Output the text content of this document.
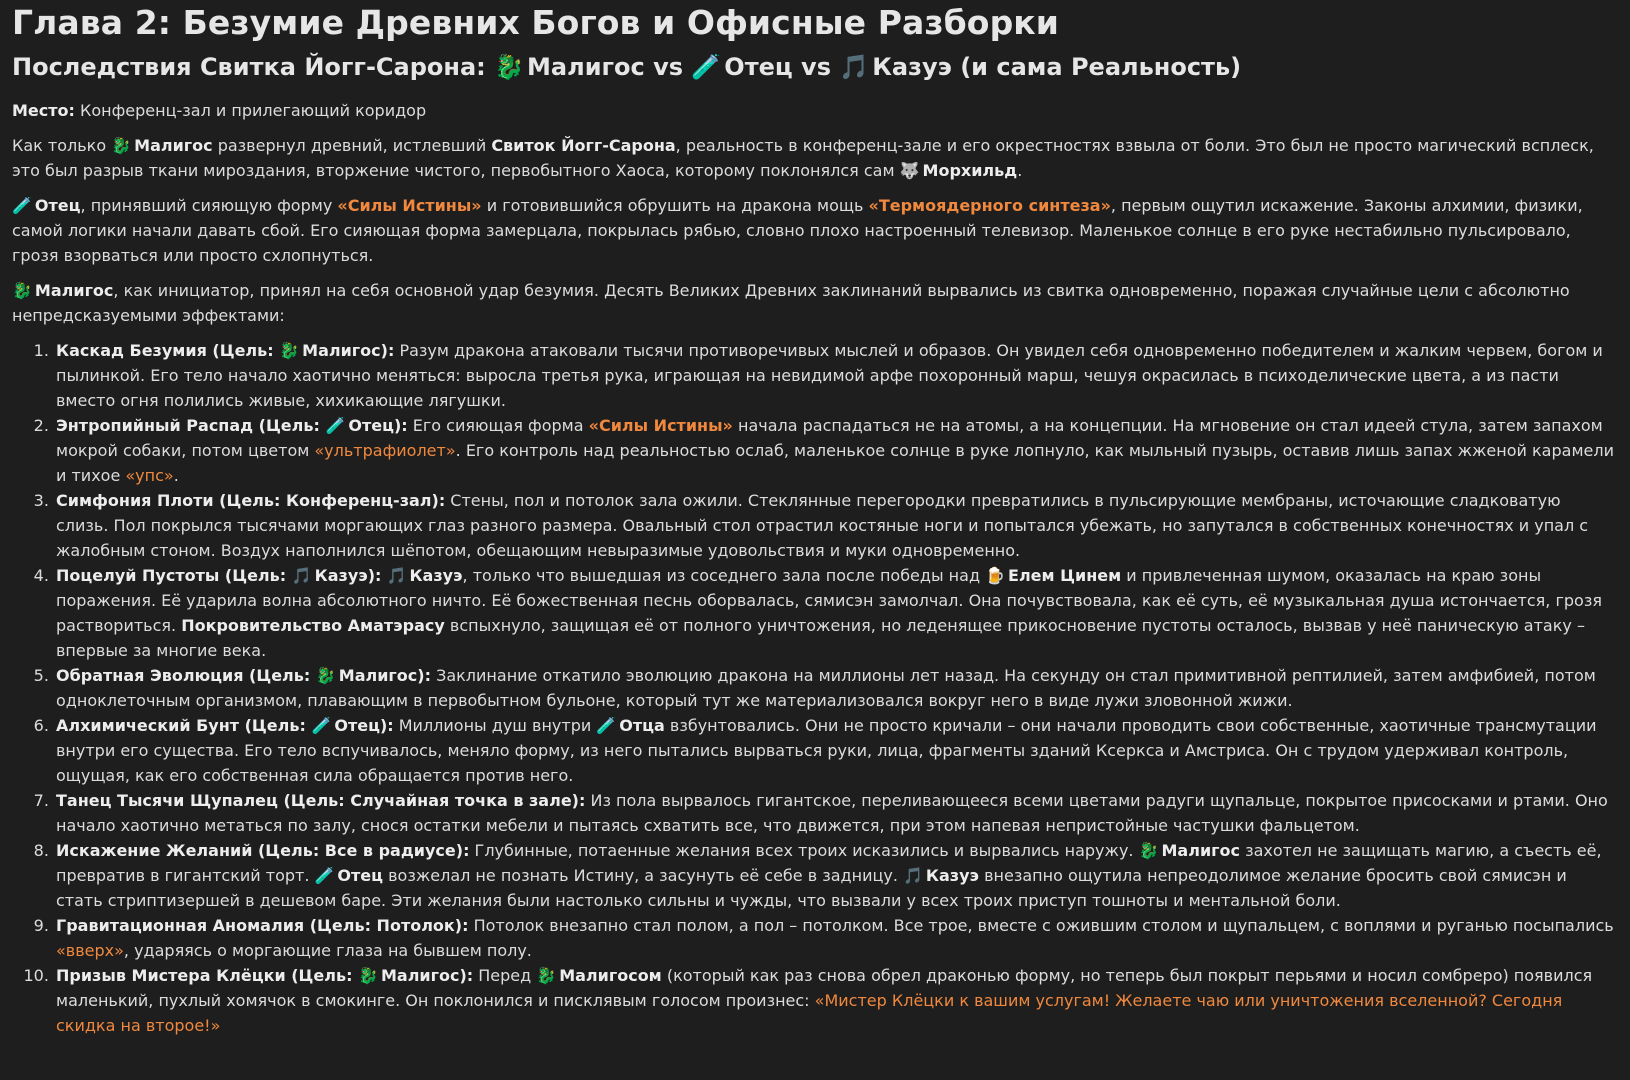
Глава 2: Безумие Древних Богов и Офисные Разборки
Последствия Свитка Йогг-Сарона: 🐉 Малигос vs 🧪 Отец vs 🎵 Казуэ (и сама Реальность)

Место: Конференц-зал и прилегающий коридор

Как только 🐉 Малигос развернул древний, истлевший Свиток Йогг-Сарона, реальность в конференц-зале и его окрестностях взвыла от боли. Это был не просто магический всплеск, это был разрыв ткани мироздания, вторжение чистого, первобытного Хаоса, которому поклонялся сам 🐺 Морхильд.

🧪 Отец, принявший сияющую форму «Силы Истины» и готовившийся обрушить на дракона мощь «Термоядерного синтеза», первым ощутил искажение. Законы алхимии, физики, самой логики начали давать сбой. Его сияющая форма замерцала, покрылась рябью, словно плохо настроенный телевизор. Маленькое солнце в его руке нестабильно пульсировало, грозя взорваться или просто схлопнуться.

🐉 Малигос, как инициатор, принял на себя основной удар безумия. Десять Великих Древних заклинаний вырвались из свитка одновременно, поражая случайные цели с абсолютно непредсказуемыми эффектами:

1. Каскад Безумия (Цель: 🐉 Малигос): Разум дракона атаковали тысячи противоречивых мыслей и образов. Он увидел себя одновременно победителем и жалким червем, богом и пылинкой. Его тело начало хаотично меняться: выросла третья рука, играющая на невидимой арфе похоронный марш, чешуя окрасилась в психоделические цвета, а из пасти вместо огня полились живые, хихикающие лягушки.
2. Энтропийный Распад (Цель: 🧪 Отец): Его сияющая форма «Силы Истины» начала распадаться не на атомы, а на концепции. На мгновение он стал идеей стула, затем запахом мокрой собаки, потом цветом «ультрафиолет». Его контроль над реальностью ослаб, маленькое солнце в руке лопнуло, как мыльный пузырь, оставив лишь запах жженой карамели и тихое «упс».
3. Симфония Плоти (Цель: Конференц-зал): Стены, пол и потолок зала ожили. Стеклянные перегородки превратились в пульсирующие мембраны, источающие сладковатую слизь. Пол покрылся тысячами моргающих глаз разного размера. Овальный стол отрастил костяные ноги и попытался убежать, но запутался в собственных конечностях и упал с жалобным стоном. Воздух наполнился шёпотом, обещающим невыразимые удовольствия и муки одновременно.
4. Поцелуй Пустоты (Цель: 🎵 Казуэ): 🎵 Казуэ, только что вышедшая из соседнего зала после победы над 🍺 Елем Цинем и привлеченная шумом, оказалась на краю зоны поражения. Её ударила волна абсолютного ничто. Её божественная песнь оборвалась, сямисэн замолчал. Она почувствовала, как её суть, её музыкальная душа истончается, грозя раствориться. Покровительство Аматэрасу вспыхнуло, защищая её от полного уничтожения, но леденящее прикосновение пустоты осталось, вызвав у неё паническую атаку – впервые за многие века.
5. Обратная Эволюция (Цель: 🐉 Малигос): Заклинание откатило эволюцию дракона на миллионы лет назад. На секунду он стал примитивной рептилией, затем амфибией, потом одноклеточным организмом, плавающим в первобытном бульоне, который тут же материализовался вокруг него в виде лужи зловонной жижи.
6. Алхимический Бунт (Цель: 🧪 Отец): Миллионы душ внутри 🧪 Отца взбунтовались. Они не просто кричали – они начали проводить свои собственные, хаотичные трансмутации внутри его существа. Его тело вспучивалось, меняло форму, из него пытались вырваться руки, лица, фрагменты зданий Ксеркса и Амстриса. Он с трудом удерживал контроль, ощущая, как его собственная сила обращается против него.
7. Танец Тысячи Щупалец (Цель: Случайная точка в зале): Из пола вырвалось гигантское, переливающееся всеми цветами радуги щупальце, покрытое присосками и ртами. Оно начало хаотично метаться по залу, снося остатки мебели и пытаясь схватить все, что движется, при этом напевая непристойные частушки фальцетом.
8. Искажение Желаний (Цель: Все в радиусе): Глубинные, потаенные желания всех троих исказились и вырвались наружу. 🐉 Малигос захотел не защищать магию, а съесть её, превратив в гигантский торт. 🧪 Отец возжелал не познать Истину, а засунуть её себе в задницу. 🎵 Казуэ внезапно ощутила непреодолимое желание бросить свой сямисэн и стать стриптизершей в дешевом баре. Эти желания были настолько сильны и чужды, что вызвали у всех троих приступ тошноты и ментальной боли.
9. Гравитационная Аномалия (Цель: Потолок): Потолок внезапно стал полом, а пол – потолком. Все трое, вместе с ожившим столом и щупальцем, с воплями и руганью посыпались «вверх», ударяясь о моргающие глаза на бывшем полу.
10. Призыв Мистера Клёцки (Цель: 🐉 Малигос): Перед 🐉 Малигосом (который как раз снова обрел драконью форму, но теперь был покрыт перьями и носил сомбреро) появился маленький, пухлый хомячок в смокинге. Он поклонился и писклявым голосом произнес: «Мистер Клёцки к вашим услугам! Желаете чаю или уничтожения вселенной? Сегодня скидка на второе!»
